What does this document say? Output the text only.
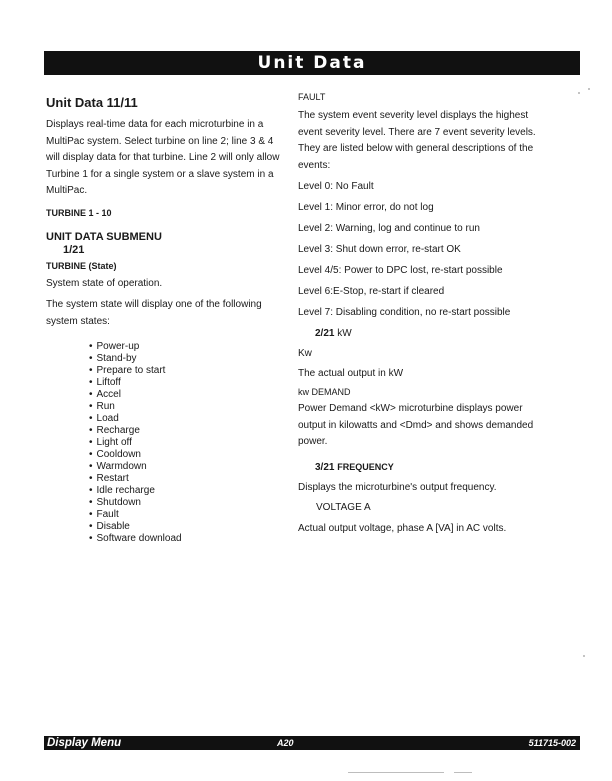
Unit Data
Unit Data 11/11

Displays real-time data for each microturbine in a MultiPac system. Select turbine on line 2; line 3 & 4 will display data for that turbine. Line 2 will only allow Turbine 1 for a single system or a slave system in a MultiPac.

TURBINE 1 - 10

UNIT DATA SUBMENU

1/21

TURBINE (State)

System state of operation.

The system state will display one of the following system states:

• Power-up
• Stand-by
• Prepare to start
• Liftoff
• Accel
• Run
• Load
• Recharge
• Light off
• Cooldown
• Warmdown
• Restart
• Idle recharge
• Shutdown
• Fault
• Disable
• Software download

FAULT

The system event severity level displays the highest event severity level. There are 7 event severity levels. They are listed below with general descriptions of the events:

Level 0: No Fault

Level 1: Minor error, do not log

Level 2: Warning, log and continue to run

Level 3: Shut down error, re-start OK

Level 4/5: Power to DPC lost, re-start possible

Level 6:E-Stop, re-start if cleared

Level 7: Disabling condition, no re-start possible

2/21 kW

Kw

The actual output in kW

kw DEMAND

Power Demand <kW> microturbine displays power output in kilowatts and <Dmd> and shows demanded power.

3/21 FREQUENCY

Displays the microturbine's output frequency.

VOLTAGE A

Actual output voltage, phase A [VA] in AC volts.

Display Menu	A20	511715-002
